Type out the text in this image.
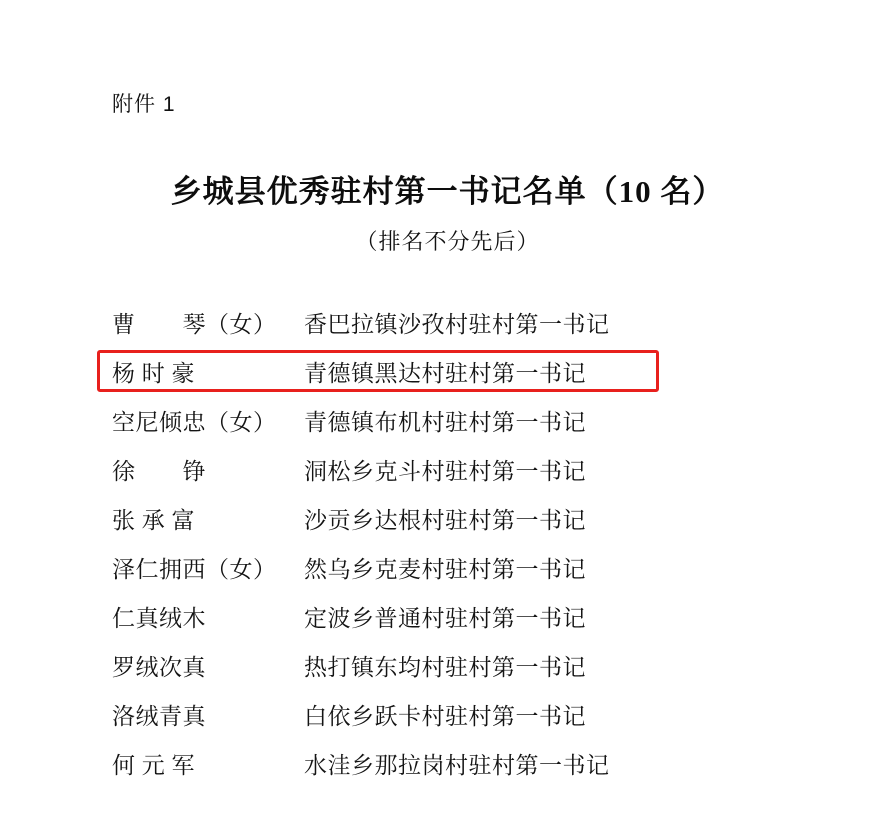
附件 1
乡城县优秀驻村第一书记名单（10 名）
（排名不分先后）
曹　　琴（女）	香巴拉镇沙孜村驻村第一书记
杨 时 豪	青德镇黑达村驻村第一书记
空尼倾忠（女）	青德镇布机村驻村第一书记
徐　　铮	洞松乡克斗村驻村第一书记
张 承 富	沙贡乡达根村驻村第一书记
泽仁拥西（女）	然乌乡克麦村驻村第一书记
仁真绒木	定波乡普通村驻村第一书记
罗绒次真	热打镇东均村驻村第一书记
洛绒青真	白依乡跃卡村驻村第一书记
何 元 军	水洼乡那拉岗村驻村第一书记
